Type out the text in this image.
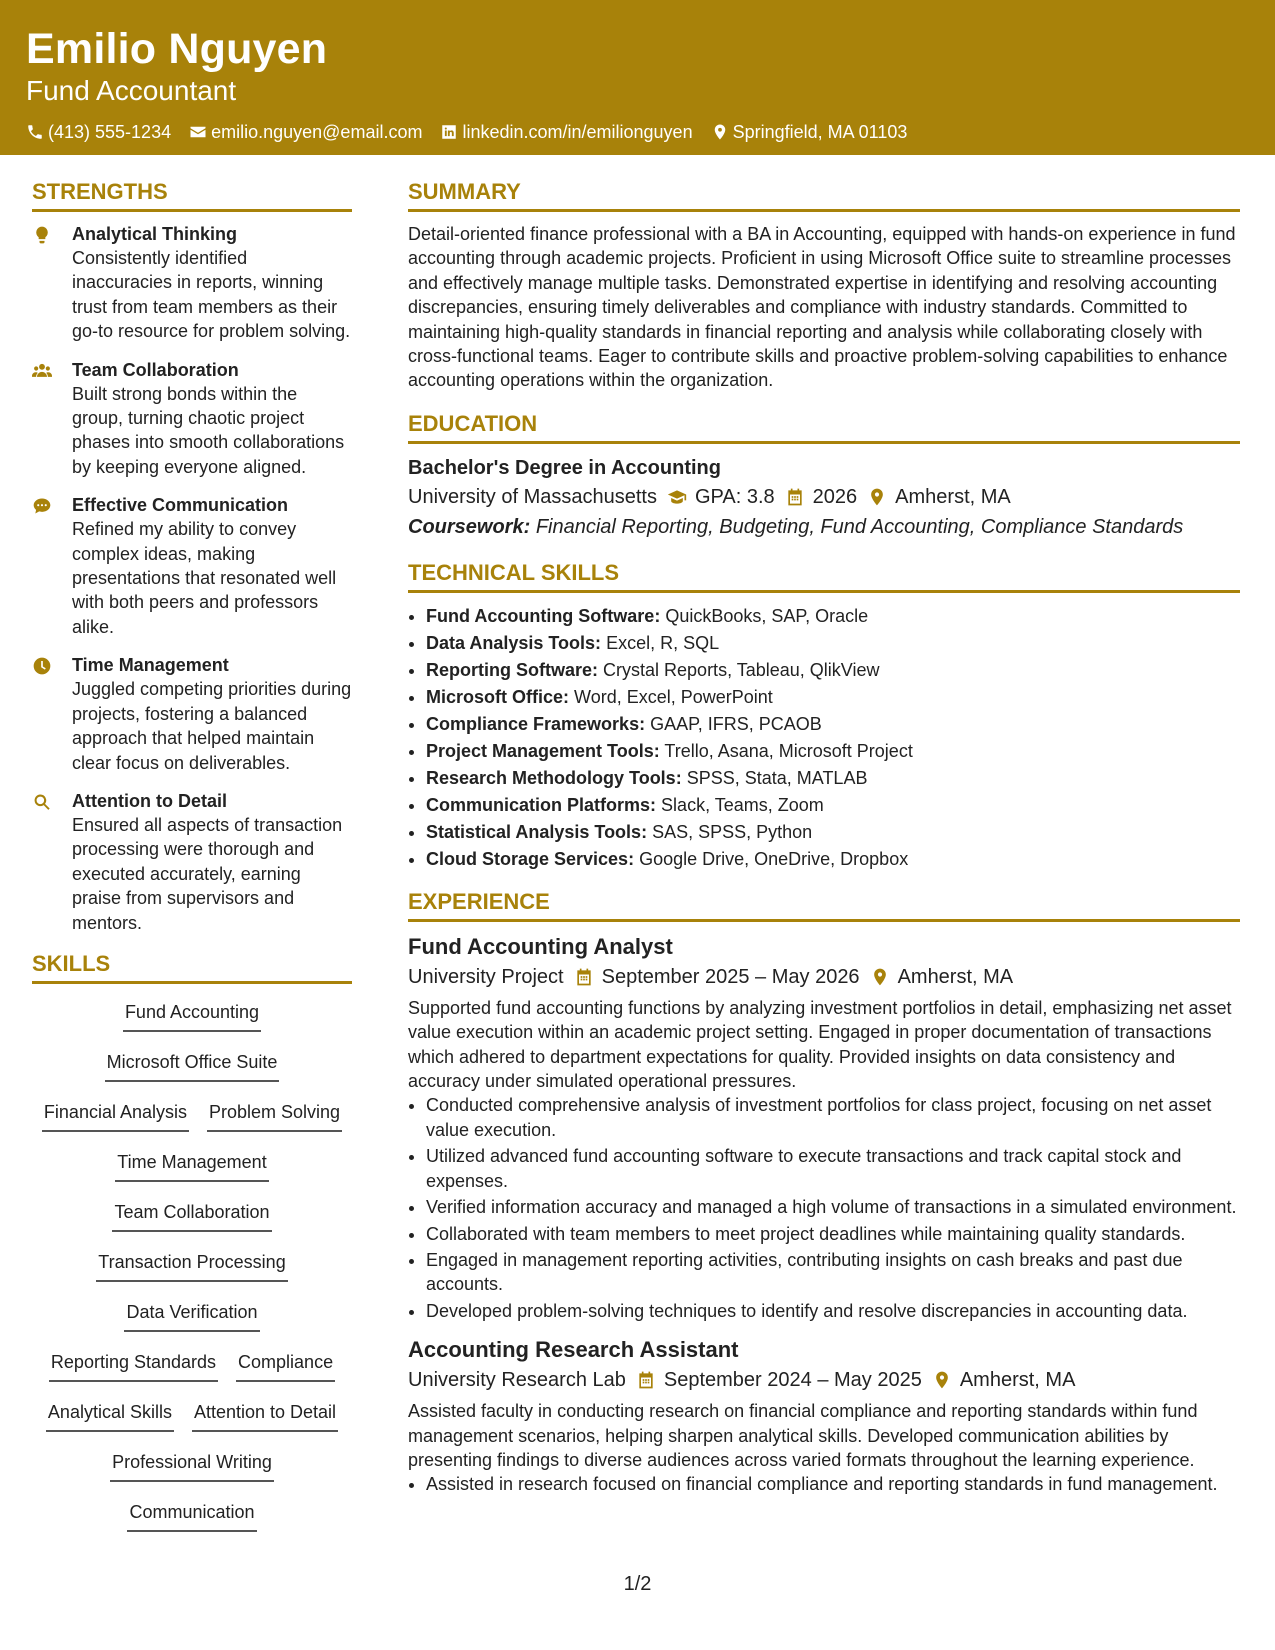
Emilio Nguyen
Fund Accountant
(413) 555-1234 emilio.nguyen@email.com linkedin.com/in/emilionguyen Springfield, MA 01103
STRENGTHS
Analytical Thinking
Consistently identified inaccuracies in reports, winning trust from team members as their go-to resource for problem solving.
Team Collaboration
Built strong bonds within the group, turning chaotic project phases into smooth collaborations by keeping everyone aligned.
Effective Communication
Refined my ability to convey complex ideas, making presentations that resonated well with both peers and professors alike.
Time Management
Juggled competing priorities during projects, fostering a balanced approach that helped maintain clear focus on deliverables.
Attention to Detail
Ensured all aspects of transaction processing were thorough and executed accurately, earning praise from supervisors and mentors.
SKILLS
Fund Accounting
Microsoft Office Suite
Financial Analysis Problem Solving
Time Management
Team Collaboration
Transaction Processing
Data Verification
Reporting Standards Compliance
Analytical Skills Attention to Detail
Professional Writing
Communication
SUMMARY
Detail-oriented finance professional with a BA in Accounting, equipped with hands-on experience in fund accounting through academic projects. Proficient in using Microsoft Office suite to streamline processes and effectively manage multiple tasks. Demonstrated expertise in identifying and resolving accounting discrepancies, ensuring timely deliverables and compliance with industry standards. Committed to maintaining high-quality standards in financial reporting and analysis while collaborating closely with cross-functional teams. Eager to contribute skills and proactive problem-solving capabilities to enhance accounting operations within the organization.
EDUCATION
Bachelor's Degree in Accounting
University of Massachusetts GPA: 3.8 2026 Amherst, MA
Coursework: Financial Reporting, Budgeting, Fund Accounting, Compliance Standards
TECHNICAL SKILLS
• Fund Accounting Software: QuickBooks, SAP, Oracle
• Data Analysis Tools: Excel, R, SQL
• Reporting Software: Crystal Reports, Tableau, QlikView
• Microsoft Office: Word, Excel, PowerPoint
• Compliance Frameworks: GAAP, IFRS, PCAOB
• Project Management Tools: Trello, Asana, Microsoft Project
• Research Methodology Tools: SPSS, Stata, MATLAB
• Communication Platforms: Slack, Teams, Zoom
• Statistical Analysis Tools: SAS, SPSS, Python
• Cloud Storage Services: Google Drive, OneDrive, Dropbox
EXPERIENCE
Fund Accounting Analyst
University Project September 2025 – May 2026 Amherst, MA
Supported fund accounting functions by analyzing investment portfolios in detail, emphasizing net asset value execution within an academic project setting. Engaged in proper documentation of transactions which adhered to department expectations for quality. Provided insights on data consistency and accuracy under simulated operational pressures.
• Conducted comprehensive analysis of investment portfolios for class project, focusing on net asset value execution.
• Utilized advanced fund accounting software to execute transactions and track capital stock and expenses.
• Verified information accuracy and managed a high volume of transactions in a simulated environment.
• Collaborated with team members to meet project deadlines while maintaining quality standards.
• Engaged in management reporting activities, contributing insights on cash breaks and past due accounts.
• Developed problem-solving techniques to identify and resolve discrepancies in accounting data.
Accounting Research Assistant
University Research Lab September 2024 – May 2025 Amherst, MA
Assisted faculty in conducting research on financial compliance and reporting standards within fund management scenarios, helping sharpen analytical skills. Developed communication abilities by presenting findings to diverse audiences across varied formats throughout the learning experience.
• Assisted in research focused on financial compliance and reporting standards in fund management.
1/2
